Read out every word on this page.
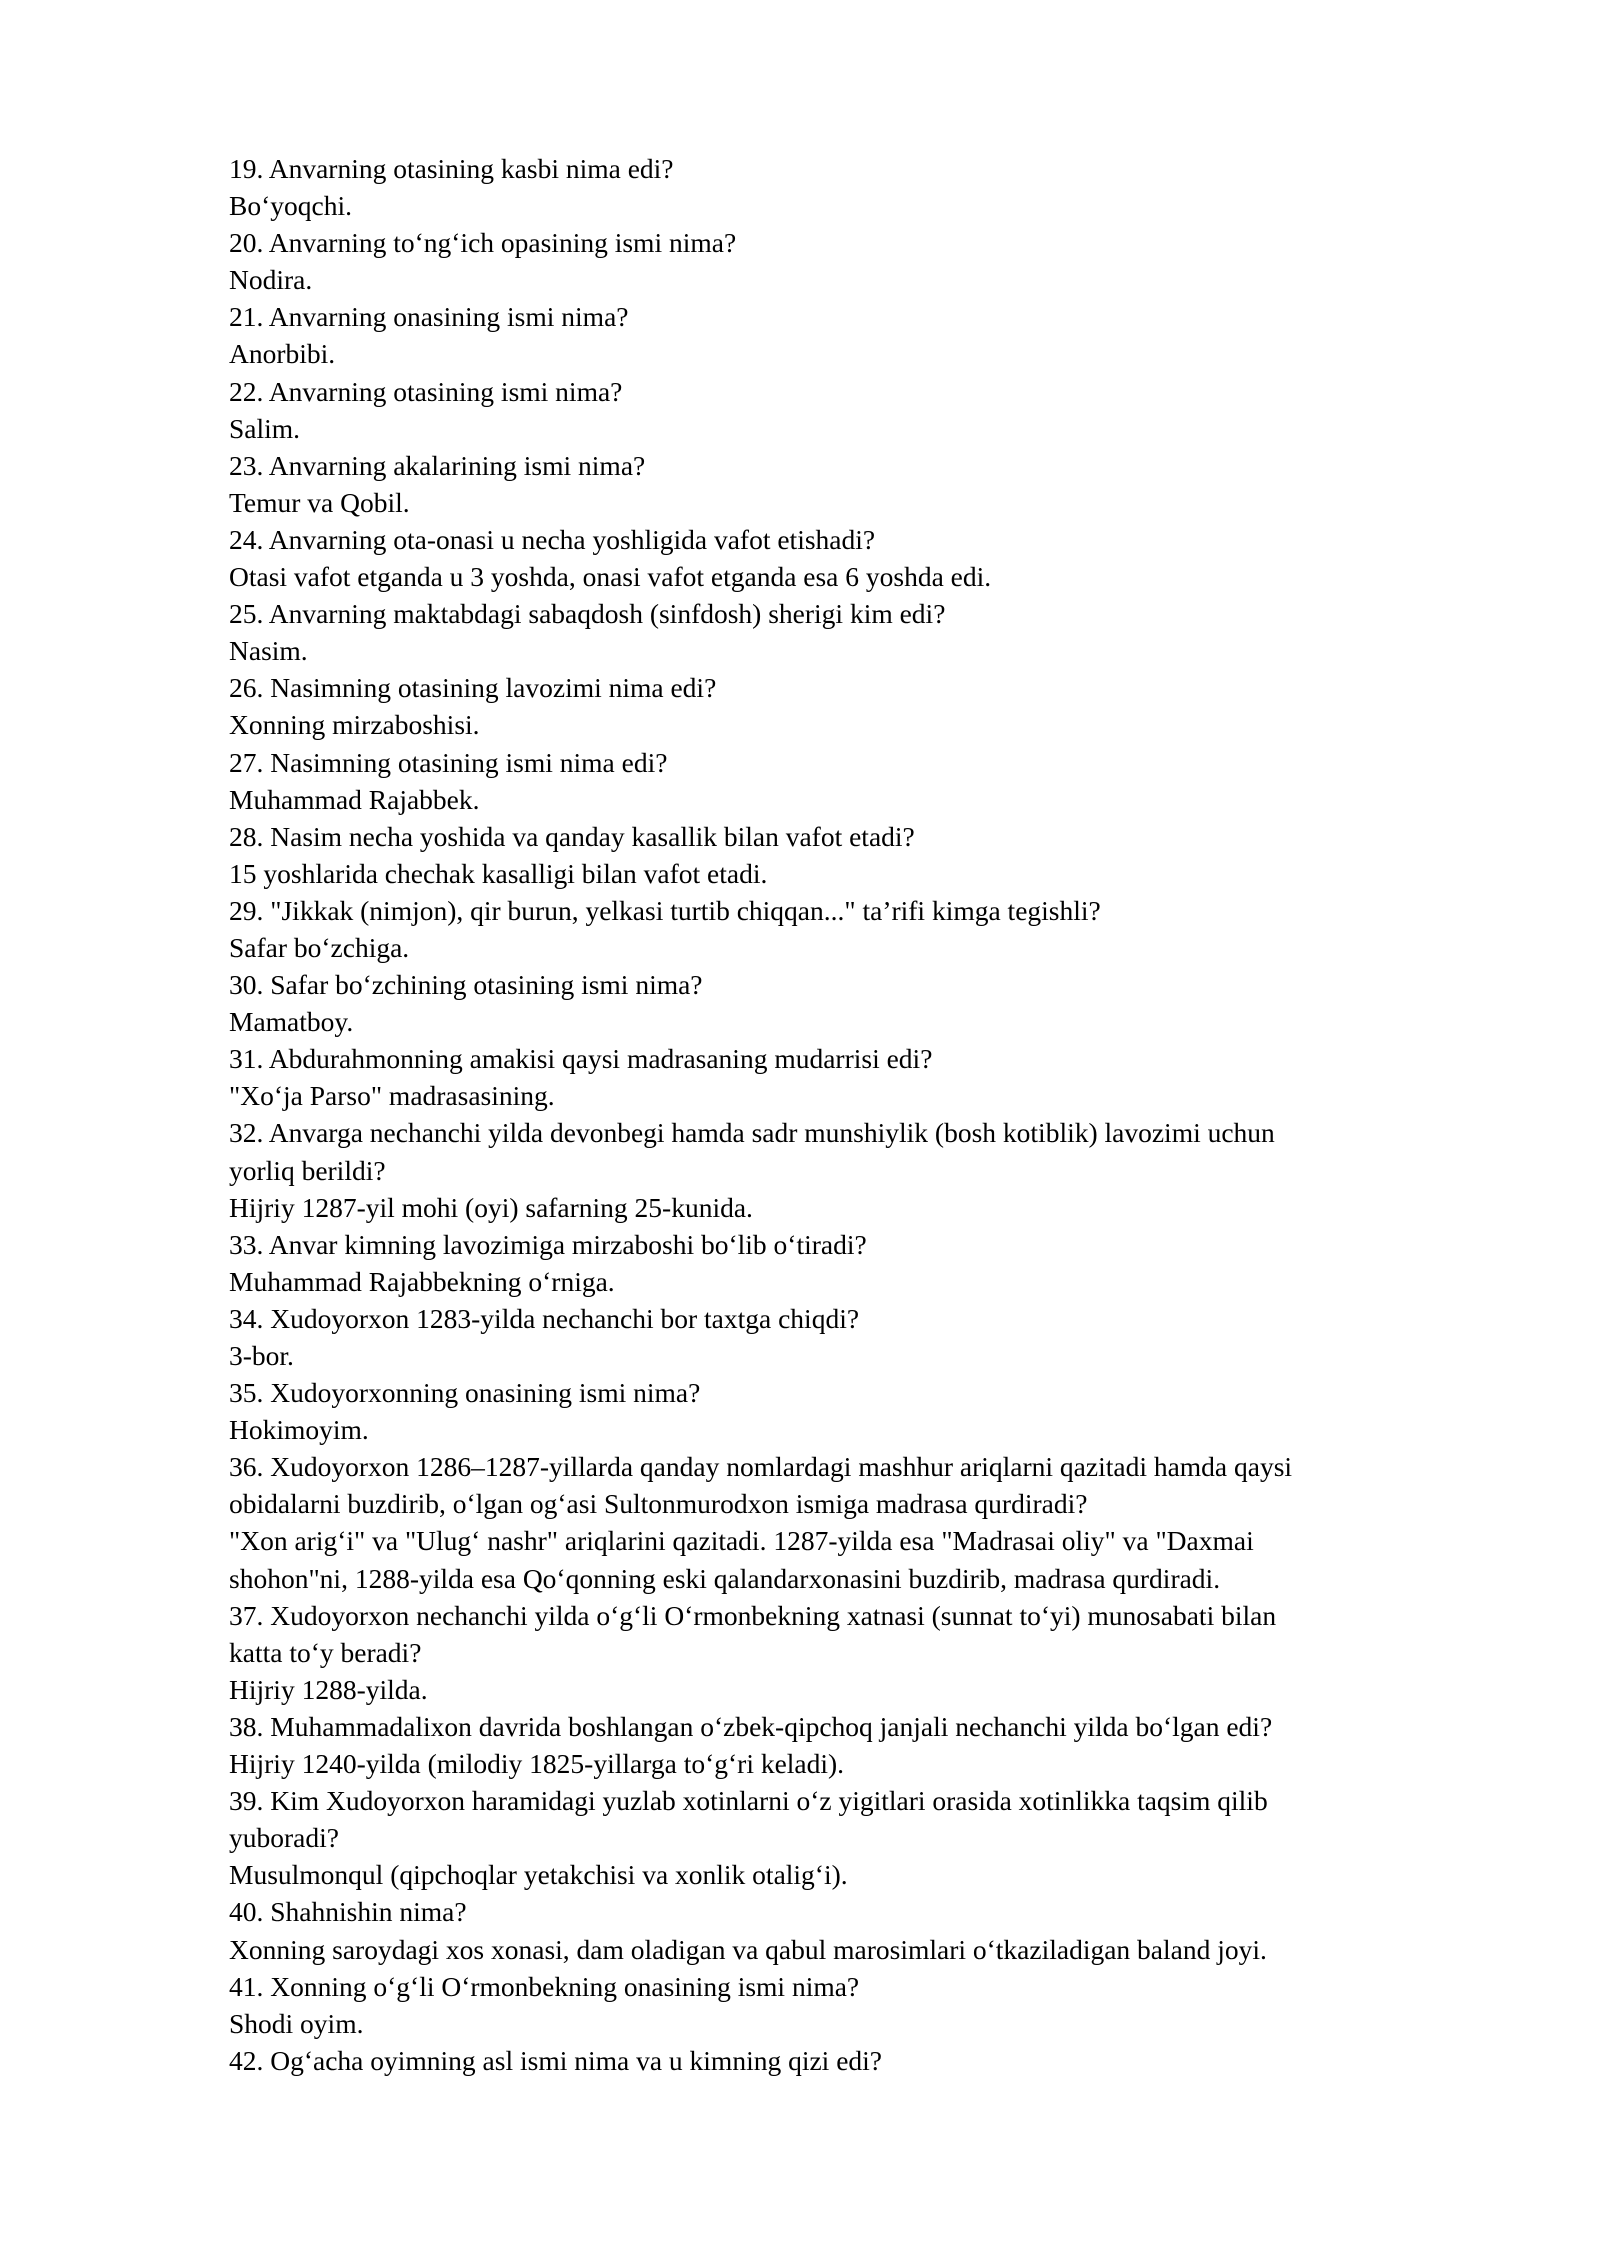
19. Anvarning otasining kasbi nima edi?
Bo‘yoqchi.
20. Anvarning to‘ng‘ich opasining ismi nima?
Nodira.
21. Anvarning onasining ismi nima?
Anorbibi.
22. Anvarning otasining ismi nima?
Salim.
23. Anvarning akalarining ismi nima?
Temur va Qobil.
24. Anvarning ota-onasi u necha yoshligida vafot etishadi?
Otasi vafot etganda u 3 yoshda, onasi vafot etganda esa 6 yoshda edi.
25. Anvarning maktabdagi sabaqdosh (sinfdosh) sherigi kim edi?
Nasim.
26. Nasimning otasining lavozimi nima edi?
Xonning mirzaboshisi.
27. Nasimning otasining ismi nima edi?
Muhammad Rajabbek.
28. Nasim necha yoshida va qanday kasallik bilan vafot etadi?
15 yoshlarida chechak kasalligi bilan vafot etadi.
29. "Jikkak (nimjon), qir burun, yelkasi turtib chiqqan..." ta’rifi kimga tegishli?
Safar bo‘zchiga.
30. Safar bo‘zchining otasining ismi nima?
Mamatboy.
31. Abdurahmonning amakisi qaysi madrasaning mudarrisi edi?
"Xo‘ja Parso" madrasasining.
32. Anvarga nechanchi yilda devonbegi hamda sadr munshiylik (bosh kotiblik) lavozimi uchun
yorliq berildi?
Hijriy 1287-yil mohi (oyi) safarning 25-kunida.
33. Anvar kimning lavozimiga mirzaboshi bo‘lib o‘tiradi?
Muhammad Rajabbekning o‘rniga.
34. Xudoyorxon 1283-yilda nechanchi bor taxtga chiqdi?
3-bor.
35. Xudoyorxonning onasining ismi nima?
Hokimoyim.
36. Xudoyorxon 1286–1287-yillarda qanday nomlardagi mashhur ariqlarni qazitadi hamda qaysi
obidalarni buzdirib, o‘lgan og‘asi Sultonmurodxon ismiga madrasa qurdiradi?
"Xon arig‘i" va "Ulug‘ nashr" ariqlarini qazitadi. 1287-yilda esa "Madrasai oliy" va "Daxmai
shohon"ni, 1288-yilda esa Qo‘qonning eski qalandarxonasini buzdirib, madrasa qurdiradi.
37. Xudoyorxon nechanchi yilda o‘g‘li O‘rmonbekning xatnasi (sunnat to‘yi) munosabati bilan
katta to‘y beradi?
Hijriy 1288-yilda.
38. Muhammadalixon davrida boshlangan o‘zbek-qipchoq janjali nechanchi yilda bo‘lgan edi?
Hijriy 1240-yilda (milodiy 1825-yillarga to‘g‘ri keladi).
39. Kim Xudoyorxon haramidagi yuzlab xotinlarni o‘z yigitlari orasida xotinlikka taqsim qilib
yuboradi?
Musulmonqul (qipchoqlar yetakchisi va xonlik otalig‘i).
40. Shahnishin nima?
Xonning saroydagi xos xonasi, dam oladigan va qabul marosimlari o‘tkaziladigan baland joyi.
41. Xonning o‘g‘li O‘rmonbekning onasining ismi nima?
Shodi oyim.
42. Og‘acha oyimning asl ismi nima va u kimning qizi edi?
